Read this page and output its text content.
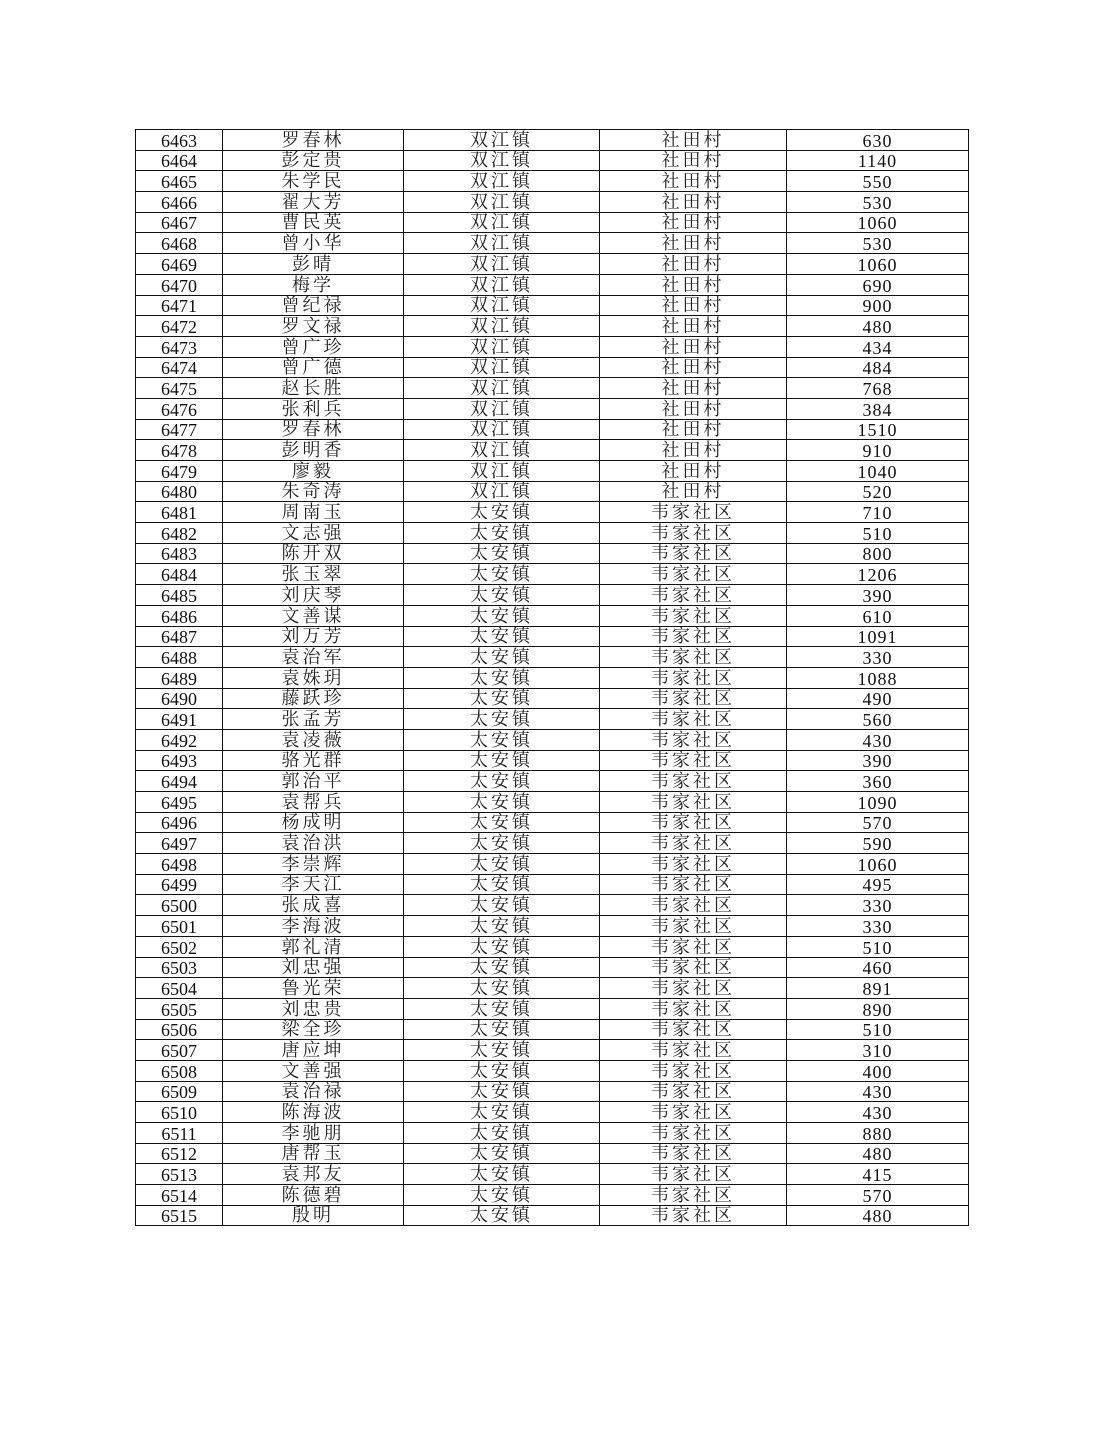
6463	罗春林	双江镇	社田村	630
6464	彭定贵	双江镇	社田村	1140
6465	朱学民	双江镇	社田村	550
6466	翟大芳	双江镇	社田村	530
6467	曹民英	双江镇	社田村	1060
6468	曾小华	双江镇	社田村	530
6469	彭晴	双江镇	社田村	1060
6470	梅学	双江镇	社田村	690
6471	曾纪禄	双江镇	社田村	900
6472	罗文禄	双江镇	社田村	480
6473	曾广珍	双江镇	社田村	434
6474	曾广德	双江镇	社田村	484
6475	赵长胜	双江镇	社田村	768
6476	张利兵	双江镇	社田村	384
6477	罗春林	双江镇	社田村	1510
6478	彭明香	双江镇	社田村	910
6479	廖毅	双江镇	社田村	1040
6480	朱奇涛	双江镇	社田村	520
6481	周南玉	太安镇	韦家社区	710
6482	文志强	太安镇	韦家社区	510
6483	陈开双	太安镇	韦家社区	800
6484	张玉翠	太安镇	韦家社区	1206
6485	刘庆琴	太安镇	韦家社区	390
6486	文善谋	太安镇	韦家社区	610
6487	刘万芳	太安镇	韦家社区	1091
6488	袁治军	太安镇	韦家社区	330
6489	袁姝玥	太安镇	韦家社区	1088
6490	藤跃珍	太安镇	韦家社区	490
6491	张孟芳	太安镇	韦家社区	560
6492	袁凌薇	太安镇	韦家社区	430
6493	骆光群	太安镇	韦家社区	390
6494	郭治平	太安镇	韦家社区	360
6495	袁帮兵	太安镇	韦家社区	1090
6496	杨成明	太安镇	韦家社区	570
6497	袁治洪	太安镇	韦家社区	590
6498	李崇辉	太安镇	韦家社区	1060
6499	李天江	太安镇	韦家社区	495
6500	张成喜	太安镇	韦家社区	330
6501	李海波	太安镇	韦家社区	330
6502	郭礼清	太安镇	韦家社区	510
6503	刘忠强	太安镇	韦家社区	460
6504	鲁光荣	太安镇	韦家社区	891
6505	刘忠贵	太安镇	韦家社区	890
6506	梁全珍	太安镇	韦家社区	510
6507	唐应坤	太安镇	韦家社区	310
6508	文善强	太安镇	韦家社区	400
6509	袁治禄	太安镇	韦家社区	430
6510	陈海波	太安镇	韦家社区	430
6511	李驰朋	太安镇	韦家社区	880
6512	唐帮玉	太安镇	韦家社区	480
6513	袁邦友	太安镇	韦家社区	415
6514	陈德碧	太安镇	韦家社区	570
6515	殷明	太安镇	韦家社区	480
